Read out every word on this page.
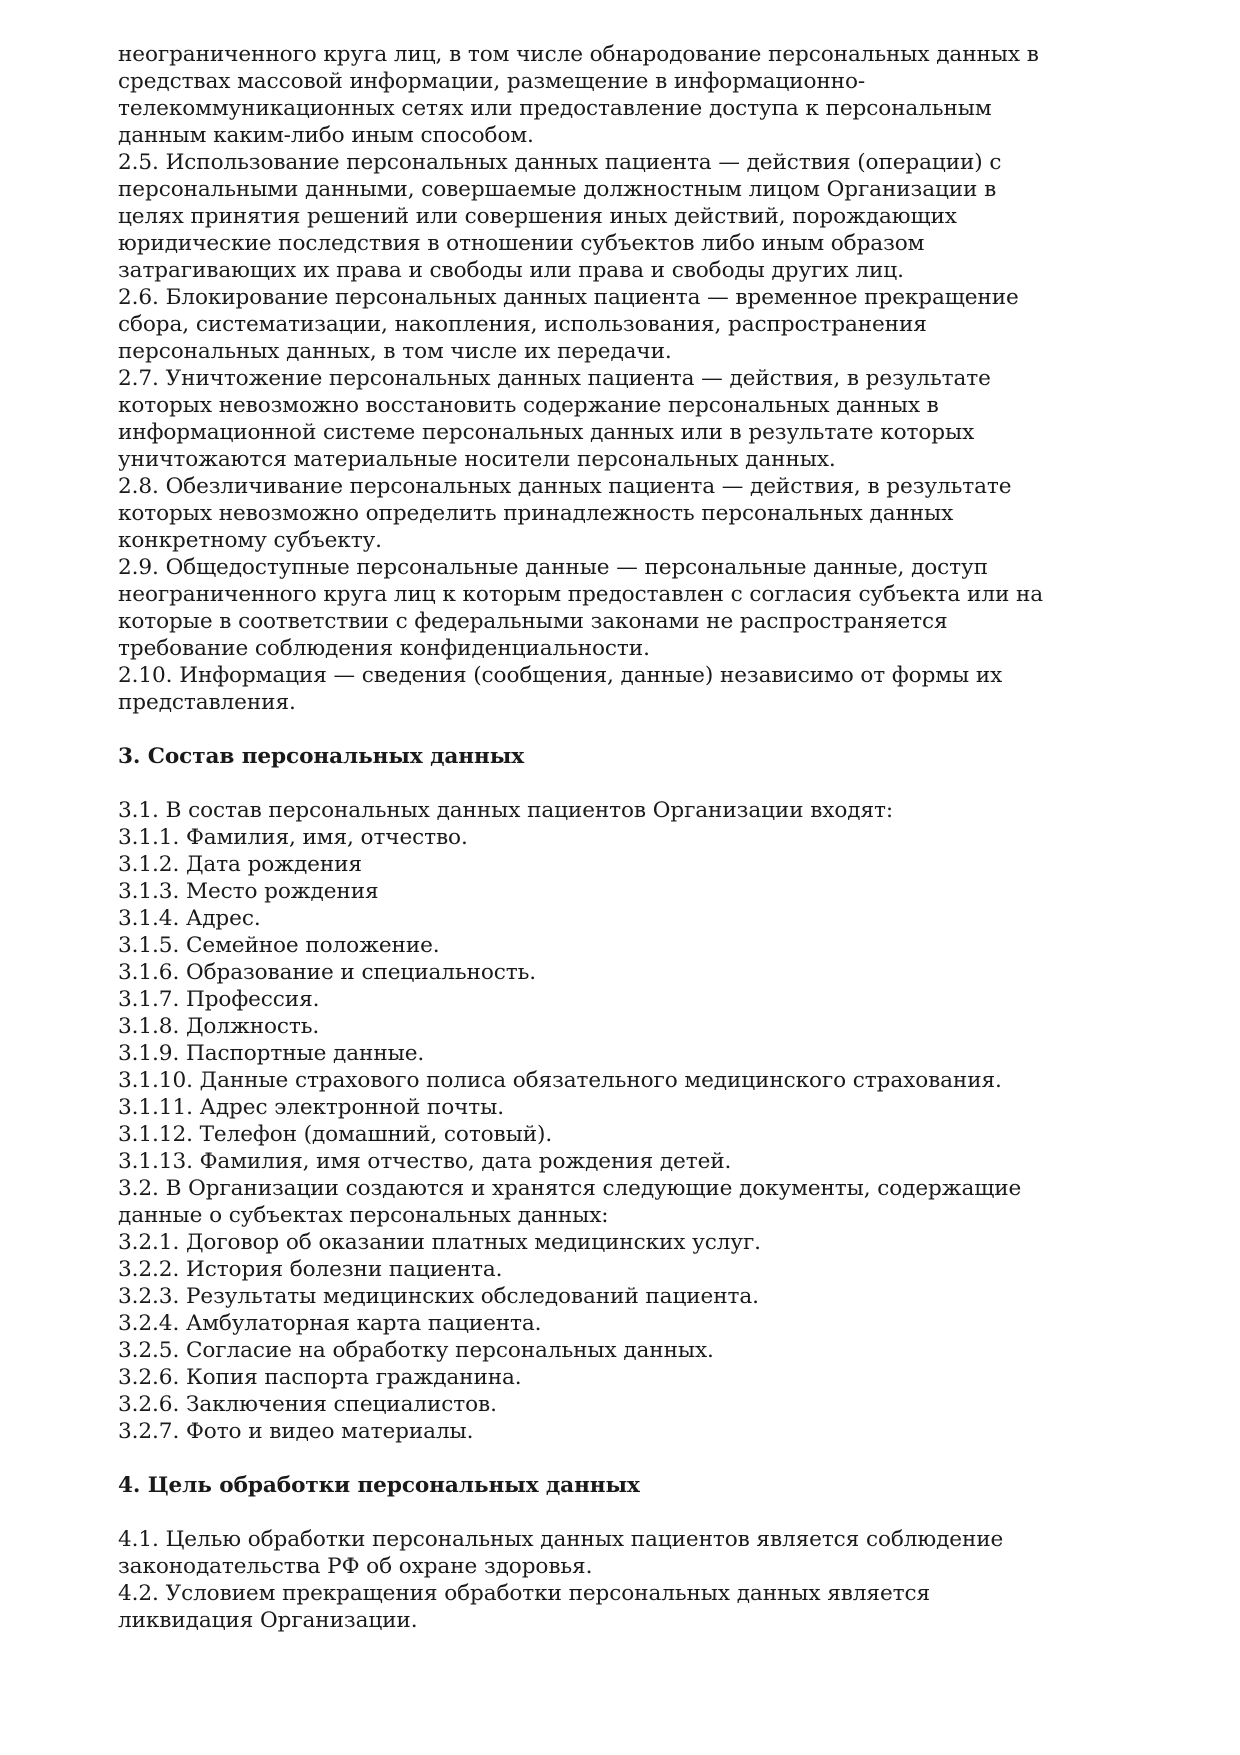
неограниченного круга лиц, в том числе обнародование персональных данных в
средствах массовой информации, размещение в информационно-
телекоммуникационных сетях или предоставление доступа к персональным
данным каким-либо иным способом.
2.5. Использование персональных данных пациента — действия (операции) с
персональными данными, совершаемые должностным лицом Организации в
целях принятия решений или совершения иных действий, порождающих
юридические последствия в отношении субъектов либо иным образом
затрагивающих их права и свободы или права и свободы других лиц.
2.6. Блокирование персональных данных пациента — временное прекращение
сбора, систематизации, накопления, использования, распространения
персональных данных, в том числе их передачи.
2.7. Уничтожение персональных данных пациента — действия, в результате
которых невозможно восстановить содержание персональных данных в
информационной системе персональных данных или в результате которых
уничтожаются материальные носители персональных данных.
2.8. Обезличивание персональных данных пациента — действия, в результате
которых невозможно определить принадлежность персональных данных
конкретному субъекту.
2.9. Общедоступные персональные данные — персональные данные, доступ
неограниченного круга лиц к которым предоставлен с согласия субъекта или на
которые в соответствии с федеральными законами не распространяется
требование соблюдения конфиденциальности.
2.10. Информация — сведения (сообщения, данные) независимо от формы их
представления.
3. Состав персональных данных
3.1. В состав персональных данных пациентов Организации входят:
3.1.1. Фамилия, имя, отчество.
3.1.2. Дата рождения
3.1.3. Место рождения
3.1.4. Адрес.
3.1.5. Семейное положение.
3.1.6. Образование и специальность.
3.1.7. Профессия.
3.1.8. Должность.
3.1.9. Паспортные данные.
3.1.10. Данные страхового полиса обязательного медицинского страхования.
3.1.11. Адрес электронной почты.
3.1.12. Телефон (домашний, сотовый).
3.1.13. Фамилия, имя отчество, дата рождения детей.
3.2. В Организации создаются и хранятся следующие документы, содержащие
данные о субъектах персональных данных:
3.2.1. Договор об оказании платных медицинских услуг.
3.2.2. История болезни пациента.
3.2.3. Результаты медицинских обследований пациента.
3.2.4. Амбулаторная карта пациента.
3.2.5. Согласие на обработку персональных данных.
3.2.6. Копия паспорта гражданина.
3.2.6. Заключения специалистов.
3.2.7. Фото и видео материалы.
4. Цель обработки персональных данных
4.1. Целью обработки персональных данных пациентов является соблюдение
законодательства РФ об охране здоровья.
4.2. Условием прекращения обработки персональных данных является
ликвидация Организации.
